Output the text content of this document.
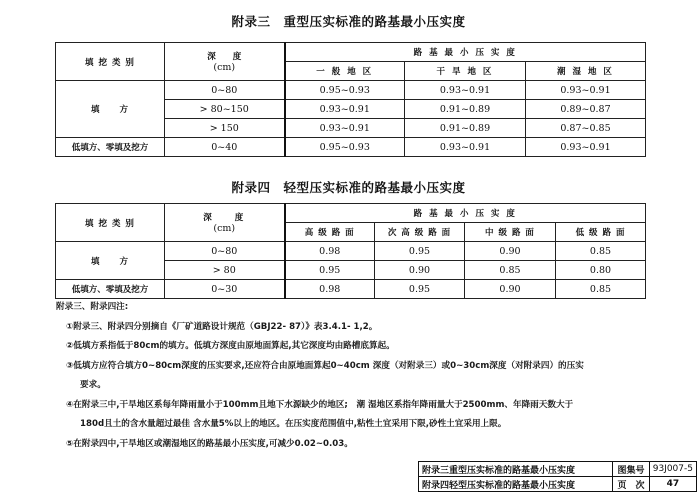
附录三　重型压实标准的路基最小压实度
填 挖 类 别	深　　度
(cm)	路 基 最 小 压 实 度		
		一 般 地 区	干 旱 地 区	潮 湿 地 区
填　　方	0~80	0.95~0.93	0.93~0.91	0.93~0.91
	> 80~150	0.93~0.91	0.91~0.89	0.89~0.87
	> 150	0.93~0.91	0.91~0.89	0.87~0.85
低填方、零填及挖方	0~40	0.95~0.93	0.93~0.91	0.93~0.91
附录四　轻型压实标准的路基最小压实度
填 挖 类 别	深　　度
(cm)	路 基 最 小 压 实 度			
		高 级 路 面	次 高 级 路 面	中 级 路 面	低 级 路 面
填　　方	0~80	0.98	0.95	0.90	0.85
	> 80	0.95	0.90	0.85	0.80
低填方、零填及挖方	0~30	0.98	0.95	0.90	0.85
附录三、附录四注:
①附录三、附录四分别摘自《厂矿道路设计规范（GBJ22- 87）》表3.4.1- 1,2。
②低填方系指低于80cm的填方。低填方深度由原地面算起,其它深度均由路槽底算起。
③低填方应符合填方0~80cm深度的压实要求,还应符合由原地面算起0~40cm 深度（对附录三）或0~30cm深度（对附录四）的压实
要求。
④在附录三中,干旱地区系每年降雨量小于100mm且地下水源缺少的地区;　潮 湿地区系指年降雨量大于2500mm、年降雨天数大于
180d且土的含水量超过最佳 含水量5%以上的地区。在压实度范围值中,粘性土宜采用下限,砂性土宜采用上限。
⑤在附录四中,干旱地区或潮湿地区的路基最小压实度,可减少0.02~0.03。
附录三重型压实标准的路基最小压实度	图集号	93J007-5
附录四轻型压实标准的路基最小压实度	页　次	47
